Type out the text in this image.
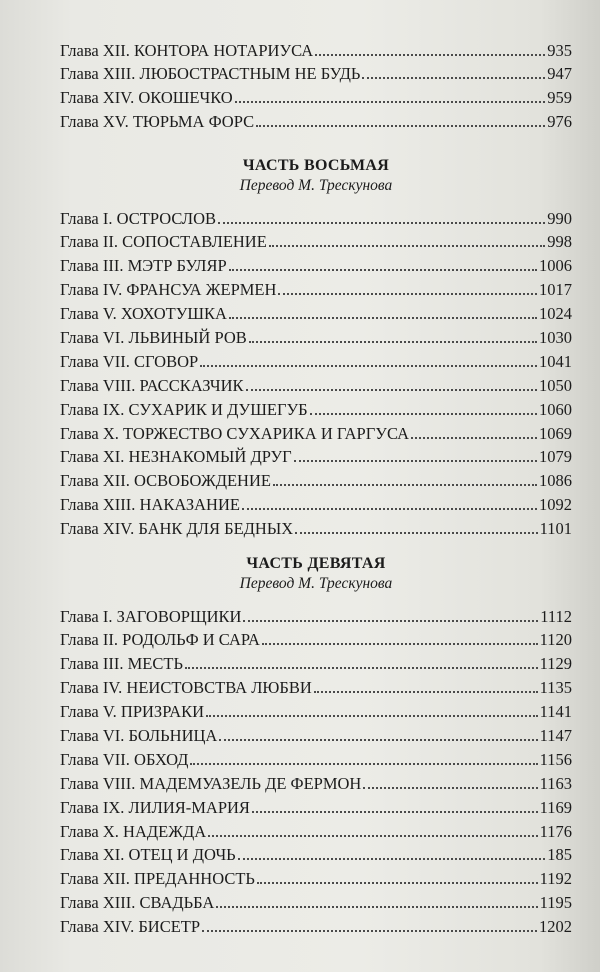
Глава XII. КОНТОРА НОТАРИУСА	935
Глава XIII. ЛЮБОСТРАСТНЫМ НЕ БУДЬ	947
Глава XIV. ОКОШЕЧКО	959
Глава XV. ТЮРЬМА ФОРС	976
ЧАСТЬ ВОСЬМАЯ
Перевод М. Трескунова
Глава I. ОСТРОСЛОВ	990
Глава II. СОПОСТАВЛЕНИЕ	998
Глава III. МЭТР БУЛЯР	1006
Глава IV. ФРАНСУА ЖЕРМЕН	1017
Глава V. ХОХОТУШКА	1024
Глава VI. ЛЬВИНЫЙ РОВ	1030
Глава VII. СГОВОР	1041
Глава VIII. РАССКАЗЧИК	1050
Глава IX. СУХАРИК И ДУШЕГУБ	1060
Глава X. ТОРЖЕСТВО СУХАРИКА И ГАРГУСА	1069
Глава XI. НЕЗНАКОМЫЙ ДРУГ	1079
Глава XII. ОСВОБОЖДЕНИЕ	1086
Глава XIII. НАКАЗАНИЕ	1092
Глава XIV. БАНК ДЛЯ БЕДНЫХ	1101
ЧАСТЬ ДЕВЯТАЯ
Перевод М. Трескунова
Глава I. ЗАГОВОРЩИКИ	1112
Глава II. РОДОЛЬФ И САРА	1120
Глава III. МЕСТЬ	1129
Глава IV. НЕИСТОВСТВА ЛЮБВИ	1135
Глава V. ПРИЗРАКИ	1141
Глава VI. БОЛЬНИЦА	1147
Глава VII. ОБХОД	1156
Глава VIII. МАДЕМУАЗЕЛЬ ДЕ ФЕРМОН	1163
Глава IX. ЛИЛИЯ-МАРИЯ	1169
Глава X. НАДЕЖДА	1176
Глава XI. ОТЕЦ И ДОЧЬ	185
Глава XII. ПРЕДАННОСТЬ	1192
Глава XIII. СВАДЬБА	1195
Глава XIV. БИСЕТР	1202
